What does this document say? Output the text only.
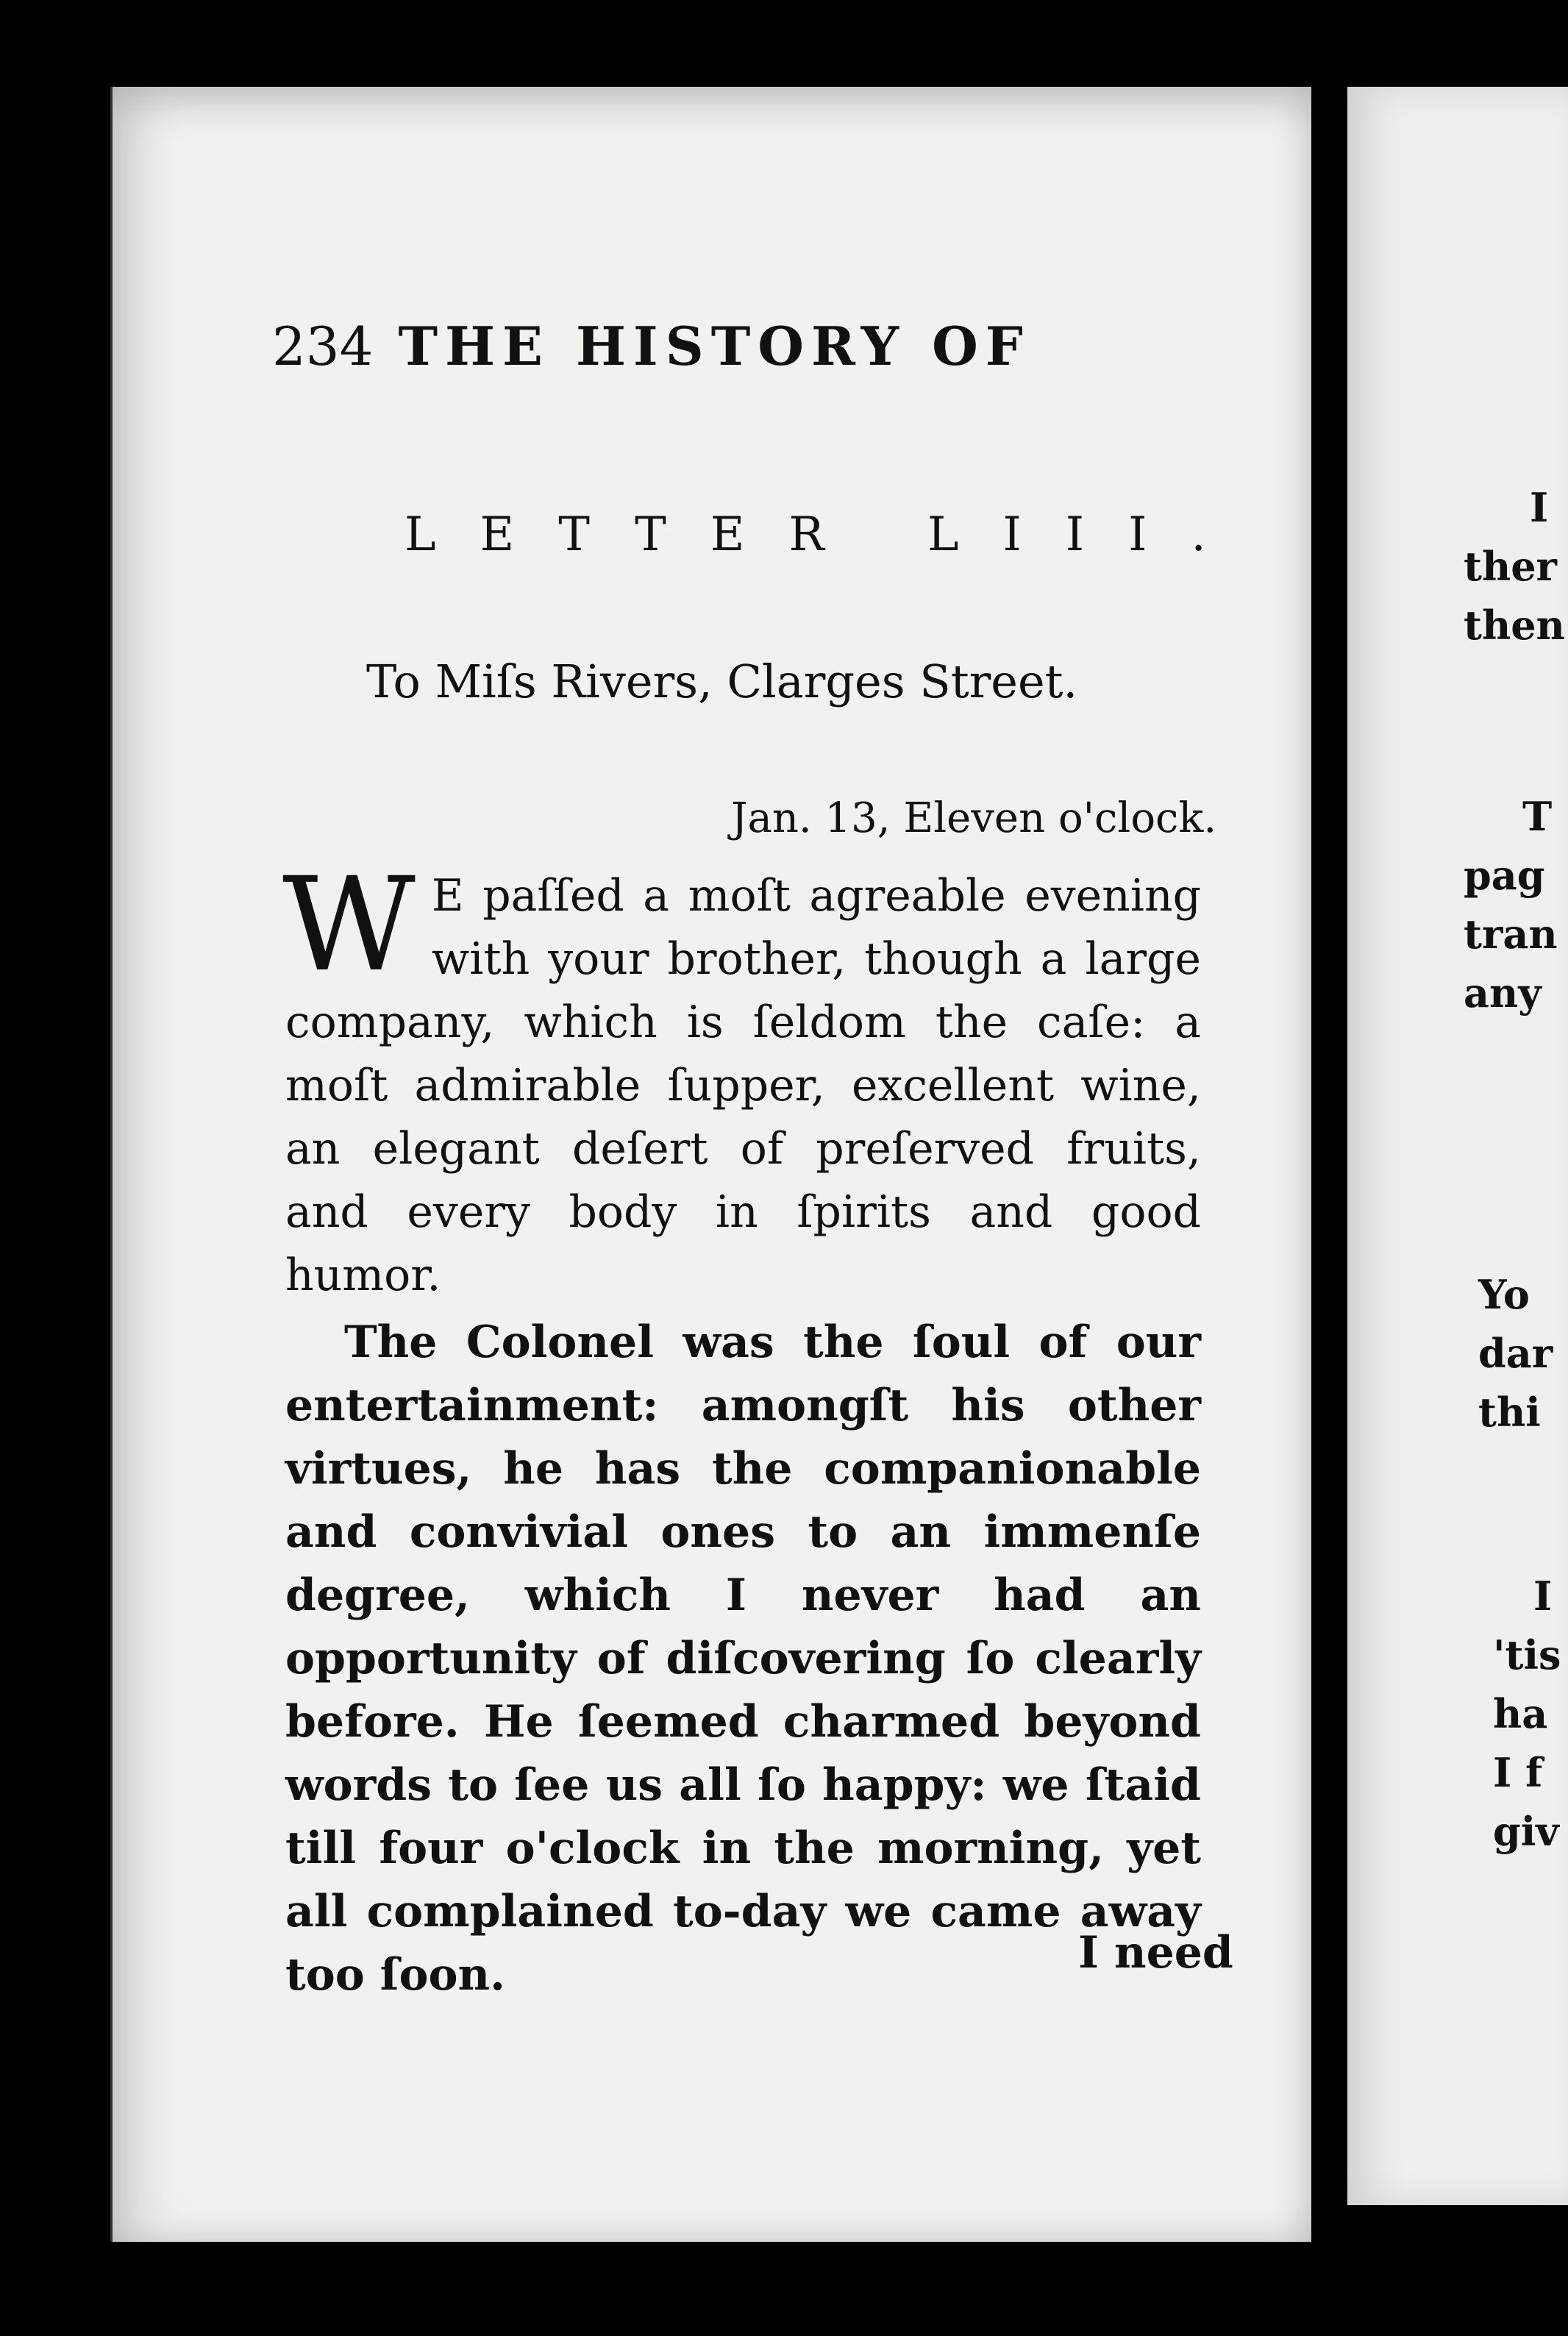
234 THE HISTORY OF
LETTER LIII.
To Miſs Rivers, Clarges Street.
Jan. 13, Eleven o'clock.
W E paſſed a moſt agreable evening with your brother, though a large company, which is ſeldom the caſe: a moſt admirable ſupper, excellent wine, an elegant deſert of preſerved fruits, and every body in ſpirits and good humor.
The Colonel was the ſoul of our entertainment: amongſt his other virtues, he has the companionable and convivial ones to an immenſe degree, which I never had an opportunity of diſcovering ſo clearly before. He ſeemed charmed beyond words to ſee us all ſo happy: we ſtaid till four o'clock in the morning, yet all complained to-day we came away too ſoon.	I need
I
ther
then
T
pag
tran
any
Yo
dar
thi
I
'tis
ha
I f
giv
